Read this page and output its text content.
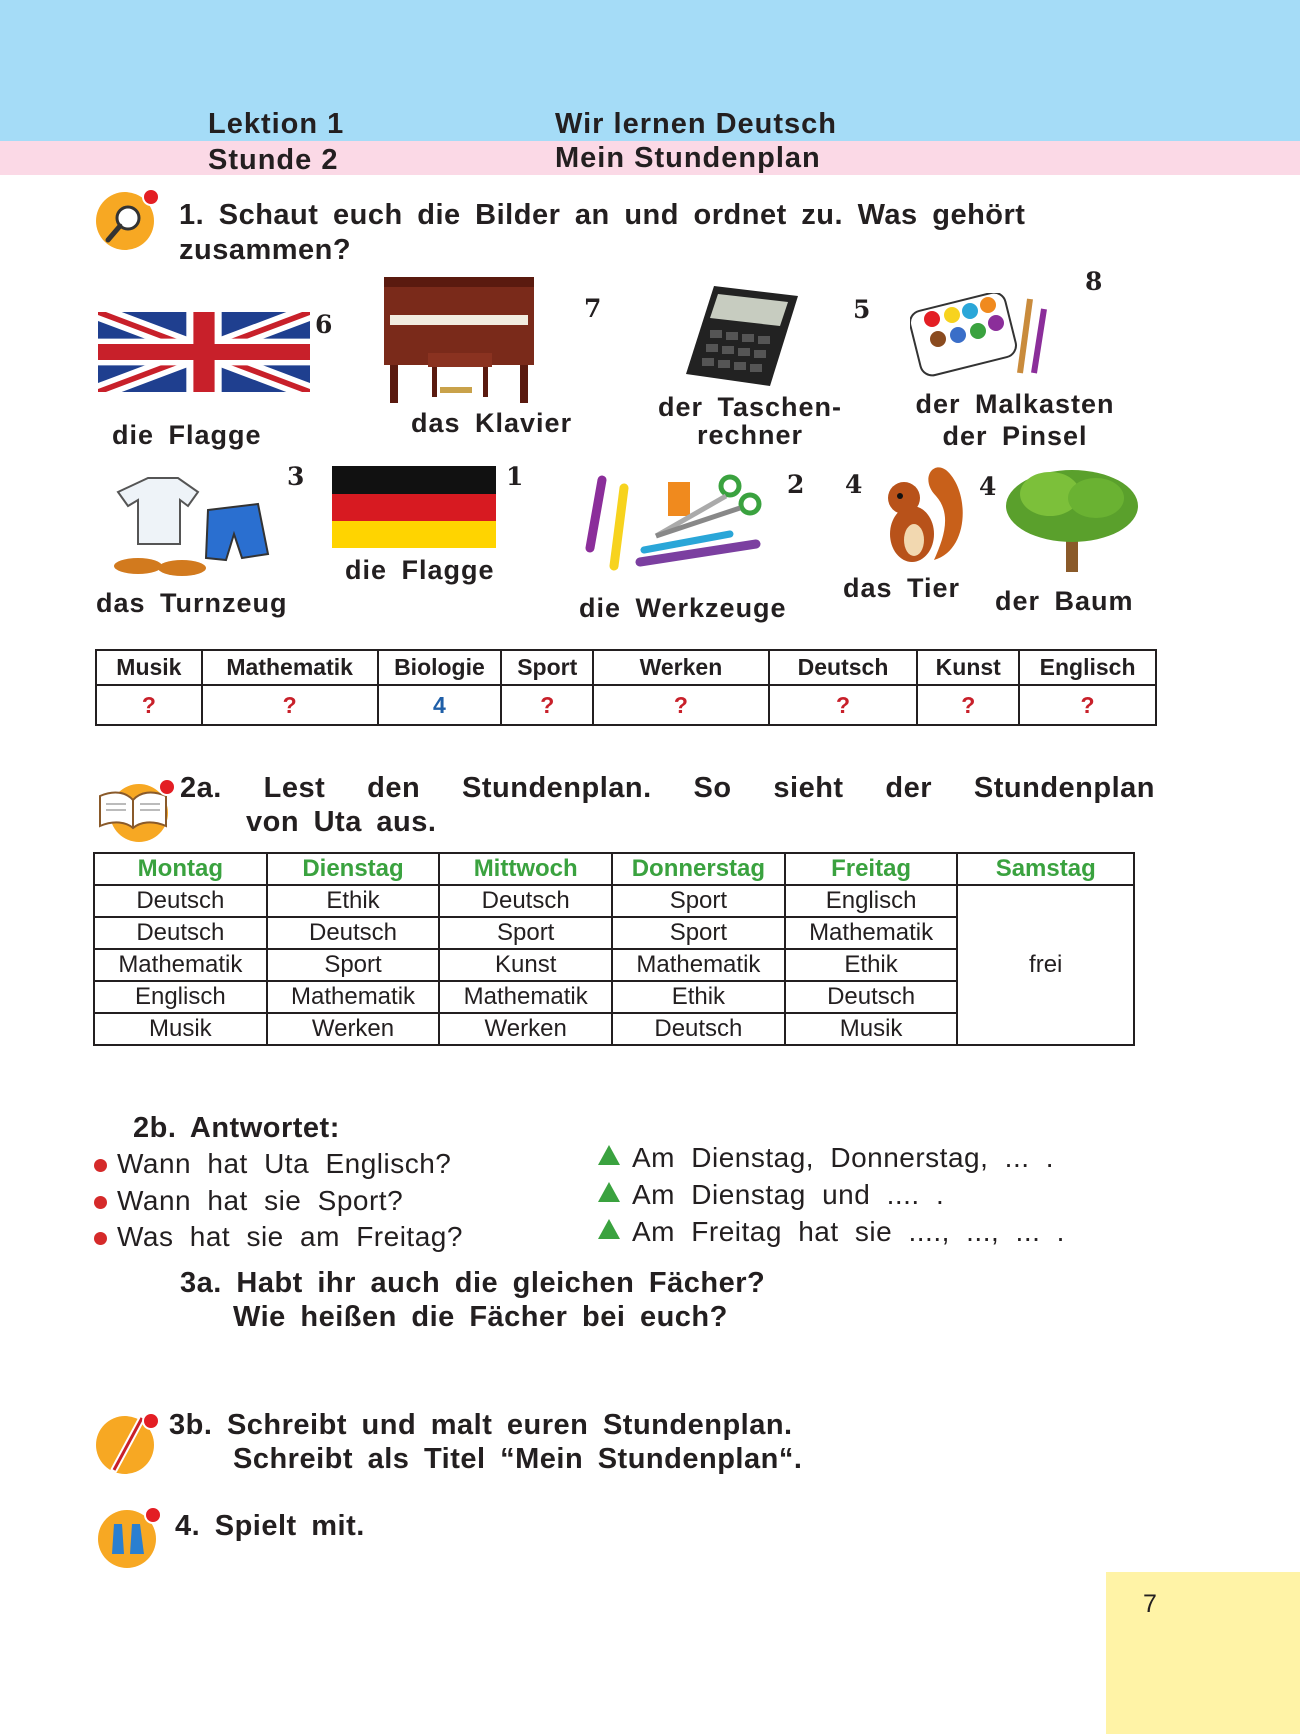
Lektion 1	Wir lernen Deutsch
Stunde 2	Mein Stundenplan
1. Schaut euch die Bilder an und ordnet zu. Was gehört
zusammen?
6
die Flagge
7
das Klavier
5
der Taschen-
rechner
8
der Malkasten
der Pinsel
3
das Turnzeug
1
die Flagge
2
die Werkzeuge
4
das Tier
4
der Baum
Musik	Mathematik	Biologie	Sport	Werken	Deutsch	Kunst	Englisch
?	?	4	?	?	?	?	?
2a. Lest den Stundenplan. So sieht der Stundenplan
von Uta aus.
Montag	Dienstag	Mittwoch	Donnerstag	Freitag	Samstag
Deutsch	Ethik	Deutsch	Sport	Englisch	frei
Deutsch	Deutsch	Sport	Sport	Mathematik	
Mathematik	Sport	Kunst	Mathematik	Ethik	
Englisch	Mathematik	Mathematik	Ethik	Deutsch	
Musik	Werken	Werken	Deutsch	Musik	
2b. Antwortet:
Wann hat Uta Englisch?
Wann hat sie Sport?
Was hat sie am Freitag?
Am Dienstag, Donnerstag, ... .
Am Dienstag und .... .
Am Freitag hat sie ...., ..., ... .
3a. Habt ihr auch die gleichen Fächer?
Wie heißen die Fächer bei euch?
3b. Schreibt und malt euren Stundenplan.
Schreibt als Titel “Mein Stundenplan“.
4. Spielt mit.
7
